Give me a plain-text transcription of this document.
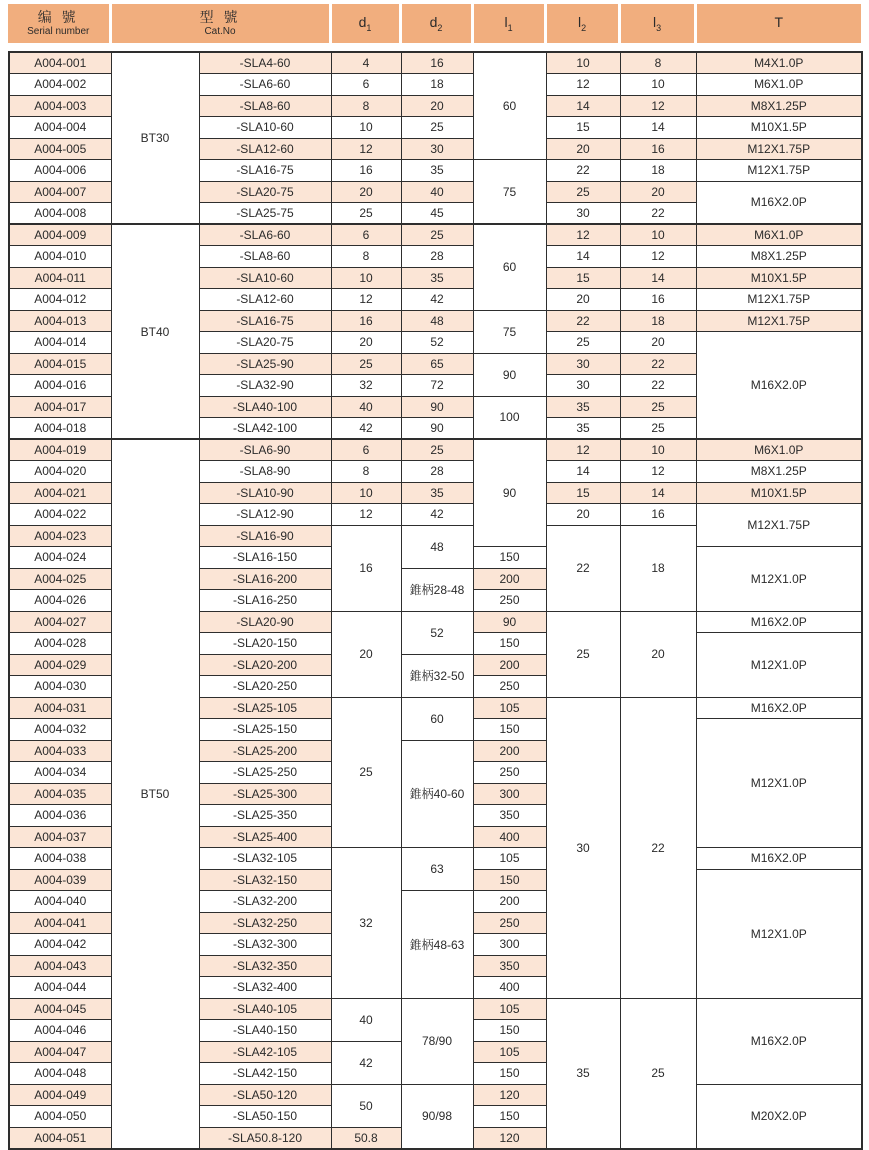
编 號
Serial number

型 號
Cat.No
	$d_1$	$d_2$	$l_1$	$l_2$	$l_3$	T
A004-001	BT30	-SLA4-60	4	16	60	10	8	M4X1.0P
A004-002		-SLA6-60	6	18		12	10	M6X1.0P
A004-003		-SLA8-60	8	20		14	12	M8X1.25P
A004-004		-SLA10-60	10	25		15	14	M10X1.5P
A004-005		-SLA12-60	12	30		20	16	M12X1.75P
A004-006		-SLA16-75	16	35	75	22	18	M12X1.75P
A004-007		-SLA20-75	20	40		25	20	M16X2.0P
A004-008		-SLA25-75	25	45		30	22	
A004-009	BT40	-SLA6-60	6	25	60	12	10	M6X1.0P
A004-010		-SLA8-60	8	28		14	12	M8X1.25P
A004-011		-SLA10-60	10	35		15	14	M10X1.5P
A004-012		-SLA12-60	12	42		20	16	M12X1.75P
A004-013		-SLA16-75	16	48	75	22	18	M12X1.75P
A004-014		-SLA20-75	20	52		25	20	M16X2.0P
A004-015		-SLA25-90	25	65	90	30	22	
A004-016		-SLA32-90	32	72		30	22	
A004-017		-SLA40-100	40	90	100	35	25	
A004-018		-SLA42-100	42	90		35	25	
A004-019	BT50	-SLA6-90	6	25	90	12	10	M6X1.0P
A004-020		-SLA8-90	8	28		14	12	M8X1.25P
A004-021		-SLA10-90	10	35		15	14	M10X1.5P
A004-022		-SLA12-90	12	42		20	16	M12X1.75P
A004-023		-SLA16-90	16	48		22	18	
A004-024		-SLA16-150			150			M12X1.0P
A004-025		-SLA16-200		錐柄28-48	200			
A004-026		-SLA16-250			250			
A004-027		-SLA20-90	20	52	90	25	20	M16X2.0P
A004-028		-SLA20-150			150			M12X1.0P
A004-029		-SLA20-200		錐柄32-50	200			
A004-030		-SLA20-250			250			
A004-031		-SLA25-105	25	60	105	30	22	M16X2.0P
A004-032		-SLA25-150			150			M12X1.0P
A004-033		-SLA25-200		錐柄40-60	200			
A004-034		-SLA25-250			250			
A004-035		-SLA25-300			300			
A004-036		-SLA25-350			350			
A004-037		-SLA25-400			400			
A004-038		-SLA32-105	32	63	105			M16X2.0P
A004-039		-SLA32-150			150			M12X1.0P
A004-040		-SLA32-200		錐柄48-63	200			
A004-041		-SLA32-250			250			
A004-042		-SLA32-300			300			
A004-043		-SLA32-350			350			
A004-044		-SLA32-400			400			
A004-045		-SLA40-105	40	78/90	105	35	25	M16X2.0P
A004-046		-SLA40-150			150			
A004-047		-SLA42-105	42		105			
A004-048		-SLA42-150			150			
A004-049		-SLA50-120	50	90/98	120			M20X2.0P
A004-050		-SLA50-150			150			
A004-051		-SLA50.8-120	50.8		120			
